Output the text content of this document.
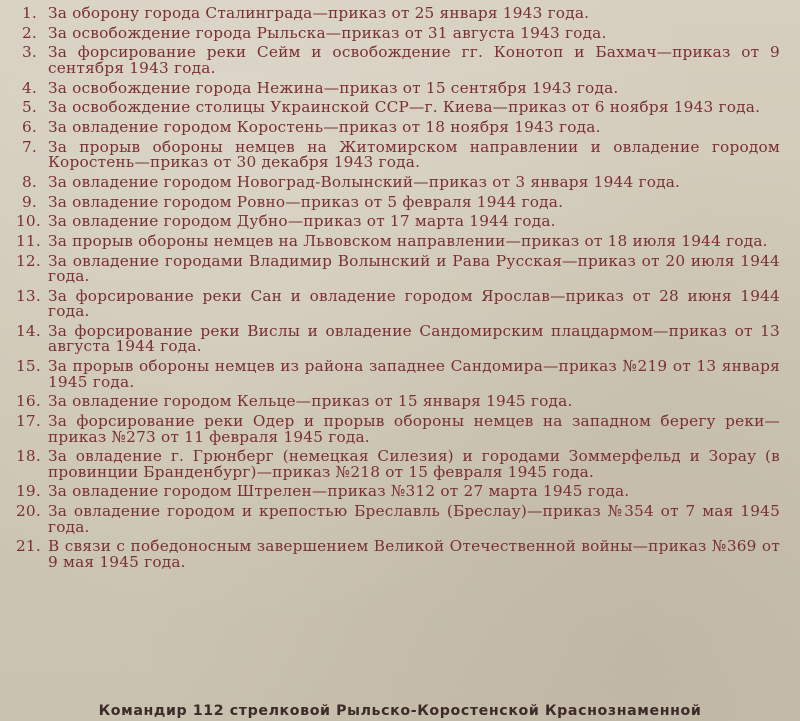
1. За оборону города Сталинграда—приказ от 25 января 1943 года.
2. За освобождение города Рыльска—приказ от 31 августа 1943 года.
3. За форсирование реки Сейм и освобождение гг. Конотоп и Бахмач—приказ от 9 сентября 1943 года.
4. За освобождение города Нежина—приказ от 15 сентября 1943 года.
5. За освобождение столицы Украинской ССР—г. Киева—приказ от 6 ноября 1943 года.
6. За овладение городом Коростень—приказ от 18 ноября 1943 года.
7. За прорыв обороны немцев на Житомирском направлении и овладение городом Коростень—приказ от 30 декабря 1943 года.
8. За овладение городом Новоград-Волынский—приказ от 3 января 1944 года.
9. За овладение городом Ровно—приказ от 5 февраля 1944 года.
10. За овладение городом Дубно—приказ от 17 марта 1944 года.
11. За прорыв обороны немцев на Львовском направлении—приказ от 18 июля 1944 года.
12. За овладение городами Владимир Волынский и Рава Русская—приказ от 20 июля 1944 года.
13. За форсирование реки Сан и овладение городом Ярослав—приказ от 28 июня 1944 года.
14. За форсирование реки Вислы и овладение Сандомирским плацдармом—приказ от 13 августа 1944 года.
15. За прорыв обороны немцев из района западнее Сандомира—приказ №219 от 13 января 1945 года.
16. За овладение городом Кельце—приказ от 15 января 1945 года.
17. За форсирование реки Одер и прорыв обороны немцев на западном берегу реки—приказ №273 от 11 февраля 1945 года.
18. За овладение г. Грюнберг (немецкая Силезия) и городами Зоммерфельд и Зорау (в провинции Бранденбург)—приказ №218 от 15 февраля 1945 года.
19. За овладение городом Штрелен—приказ №312 от 27 марта 1945 года.
20. За овладение городом и крепостью Бреславль (Бреслау)—приказ №354 от 7 мая 1945 года.
21. В связи с победоносным завершением Великой Отечественной войны—приказ №369 от 9 мая 1945 года.
Командир 112 стрелковой Рыльско-Коростенской Краснознаменной
